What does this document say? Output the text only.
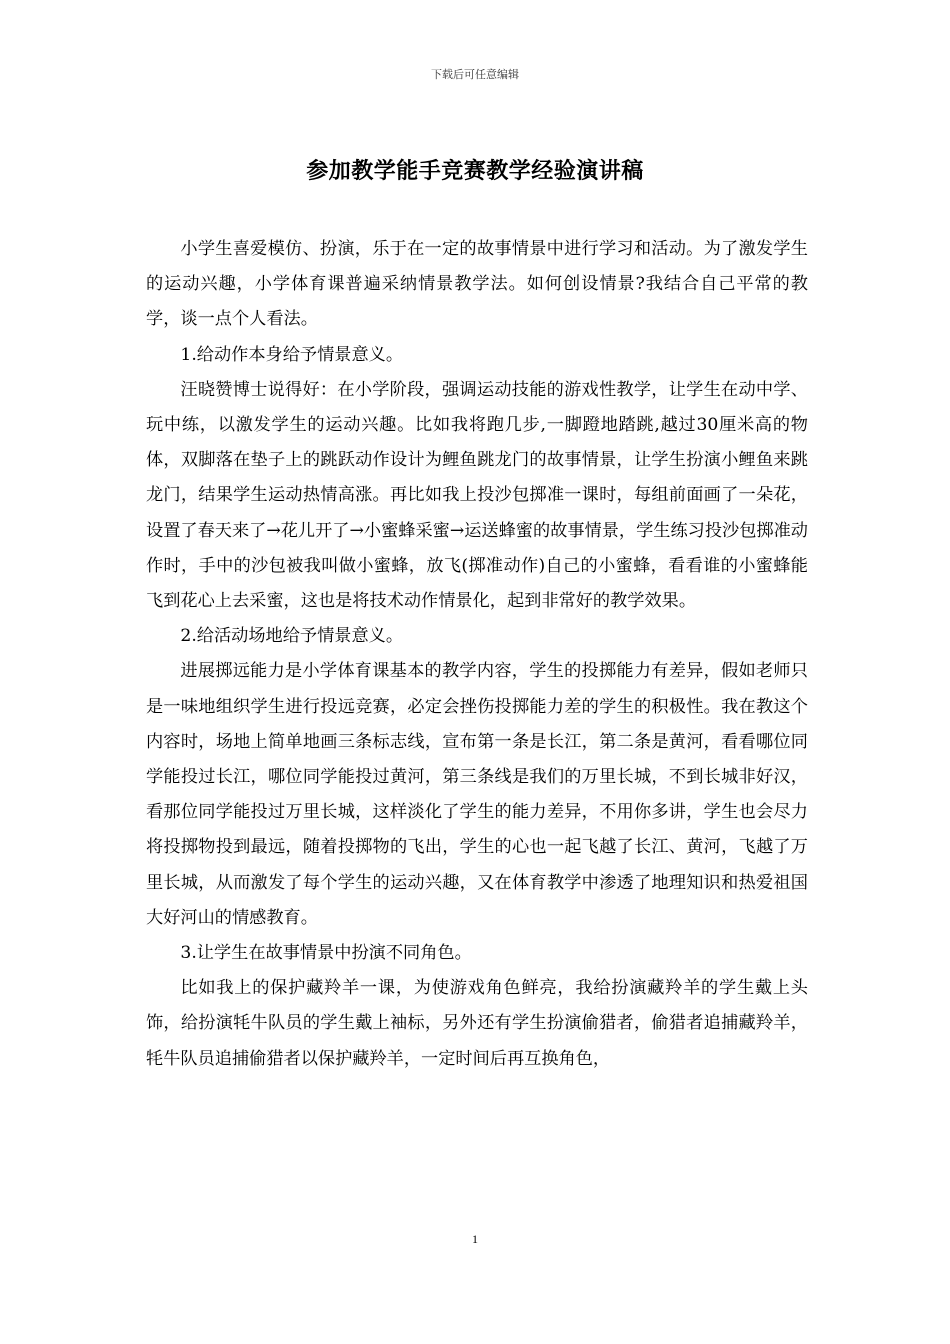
下载后可任意编辑
参加教学能手竞赛教学经验演讲稿

小学生喜爱模仿、扮演，乐于在一定的故事情景中进行学习和活动。为了激发学生的运动兴趣，小学体育课普遍采纳情景教学法。如何创设情景?我结合自己平常的教学，谈一点个人看法。

1.给动作本身给予情景意义。

汪晓赞博士说得好：在小学阶段，强调运动技能的游戏性教学，让学生在动中学、玩中练，以激发学生的运动兴趣。比如我将跑几步,一脚蹬地踏跳,越过30厘米高的物体，双脚落在垫子上的跳跃动作设计为鲤鱼跳龙门的故事情景，让学生扮演小鲤鱼来跳龙门，结果学生运动热情高涨。再比如我上投沙包掷准一课时，每组前面画了一朵花，设置了春天来了→花儿开了→小蜜蜂采蜜→运送蜂蜜的故事情景，学生练习投沙包掷准动作时，手中的沙包被我叫做小蜜蜂，放飞(掷准动作)自己的小蜜蜂，看看谁的小蜜蜂能飞到花心上去采蜜，这也是将技术动作情景化，起到非常好的教学效果。

2.给活动场地给予情景意义。

进展掷远能力是小学体育课基本的教学内容，学生的投掷能力有差异，假如老师只是一味地组织学生进行投远竞赛，必定会挫伤投掷能力差的学生的积极性。我在教这个内容时，场地上简单地画三条标志线，宣布第一条是长江，第二条是黄河，看看哪位同学能投过长江，哪位同学能投过黄河，第三条线是我们的万里长城，不到长城非好汉，看那位同学能投过万里长城，这样淡化了学生的能力差异，不用你多讲，学生也会尽力将投掷物投到最远，随着投掷物的飞出，学生的心也一起飞越了长江、黄河，飞越了万里长城，从而激发了每个学生的运动兴趣，又在体育教学中渗透了地理知识和热爱祖国大好河山的情感教育。

3.让学生在故事情景中扮演不同角色。

比如我上的保护藏羚羊一课，为使游戏角色鲜亮，我给扮演藏羚羊的学生戴上头饰，给扮演牦牛队员的学生戴上袖标，另外还有学生扮演偷猎者，偷猎者追捕藏羚羊，牦牛队员追捕偷猎者以保护藏羚羊，一定时间后再互换角色，

1
